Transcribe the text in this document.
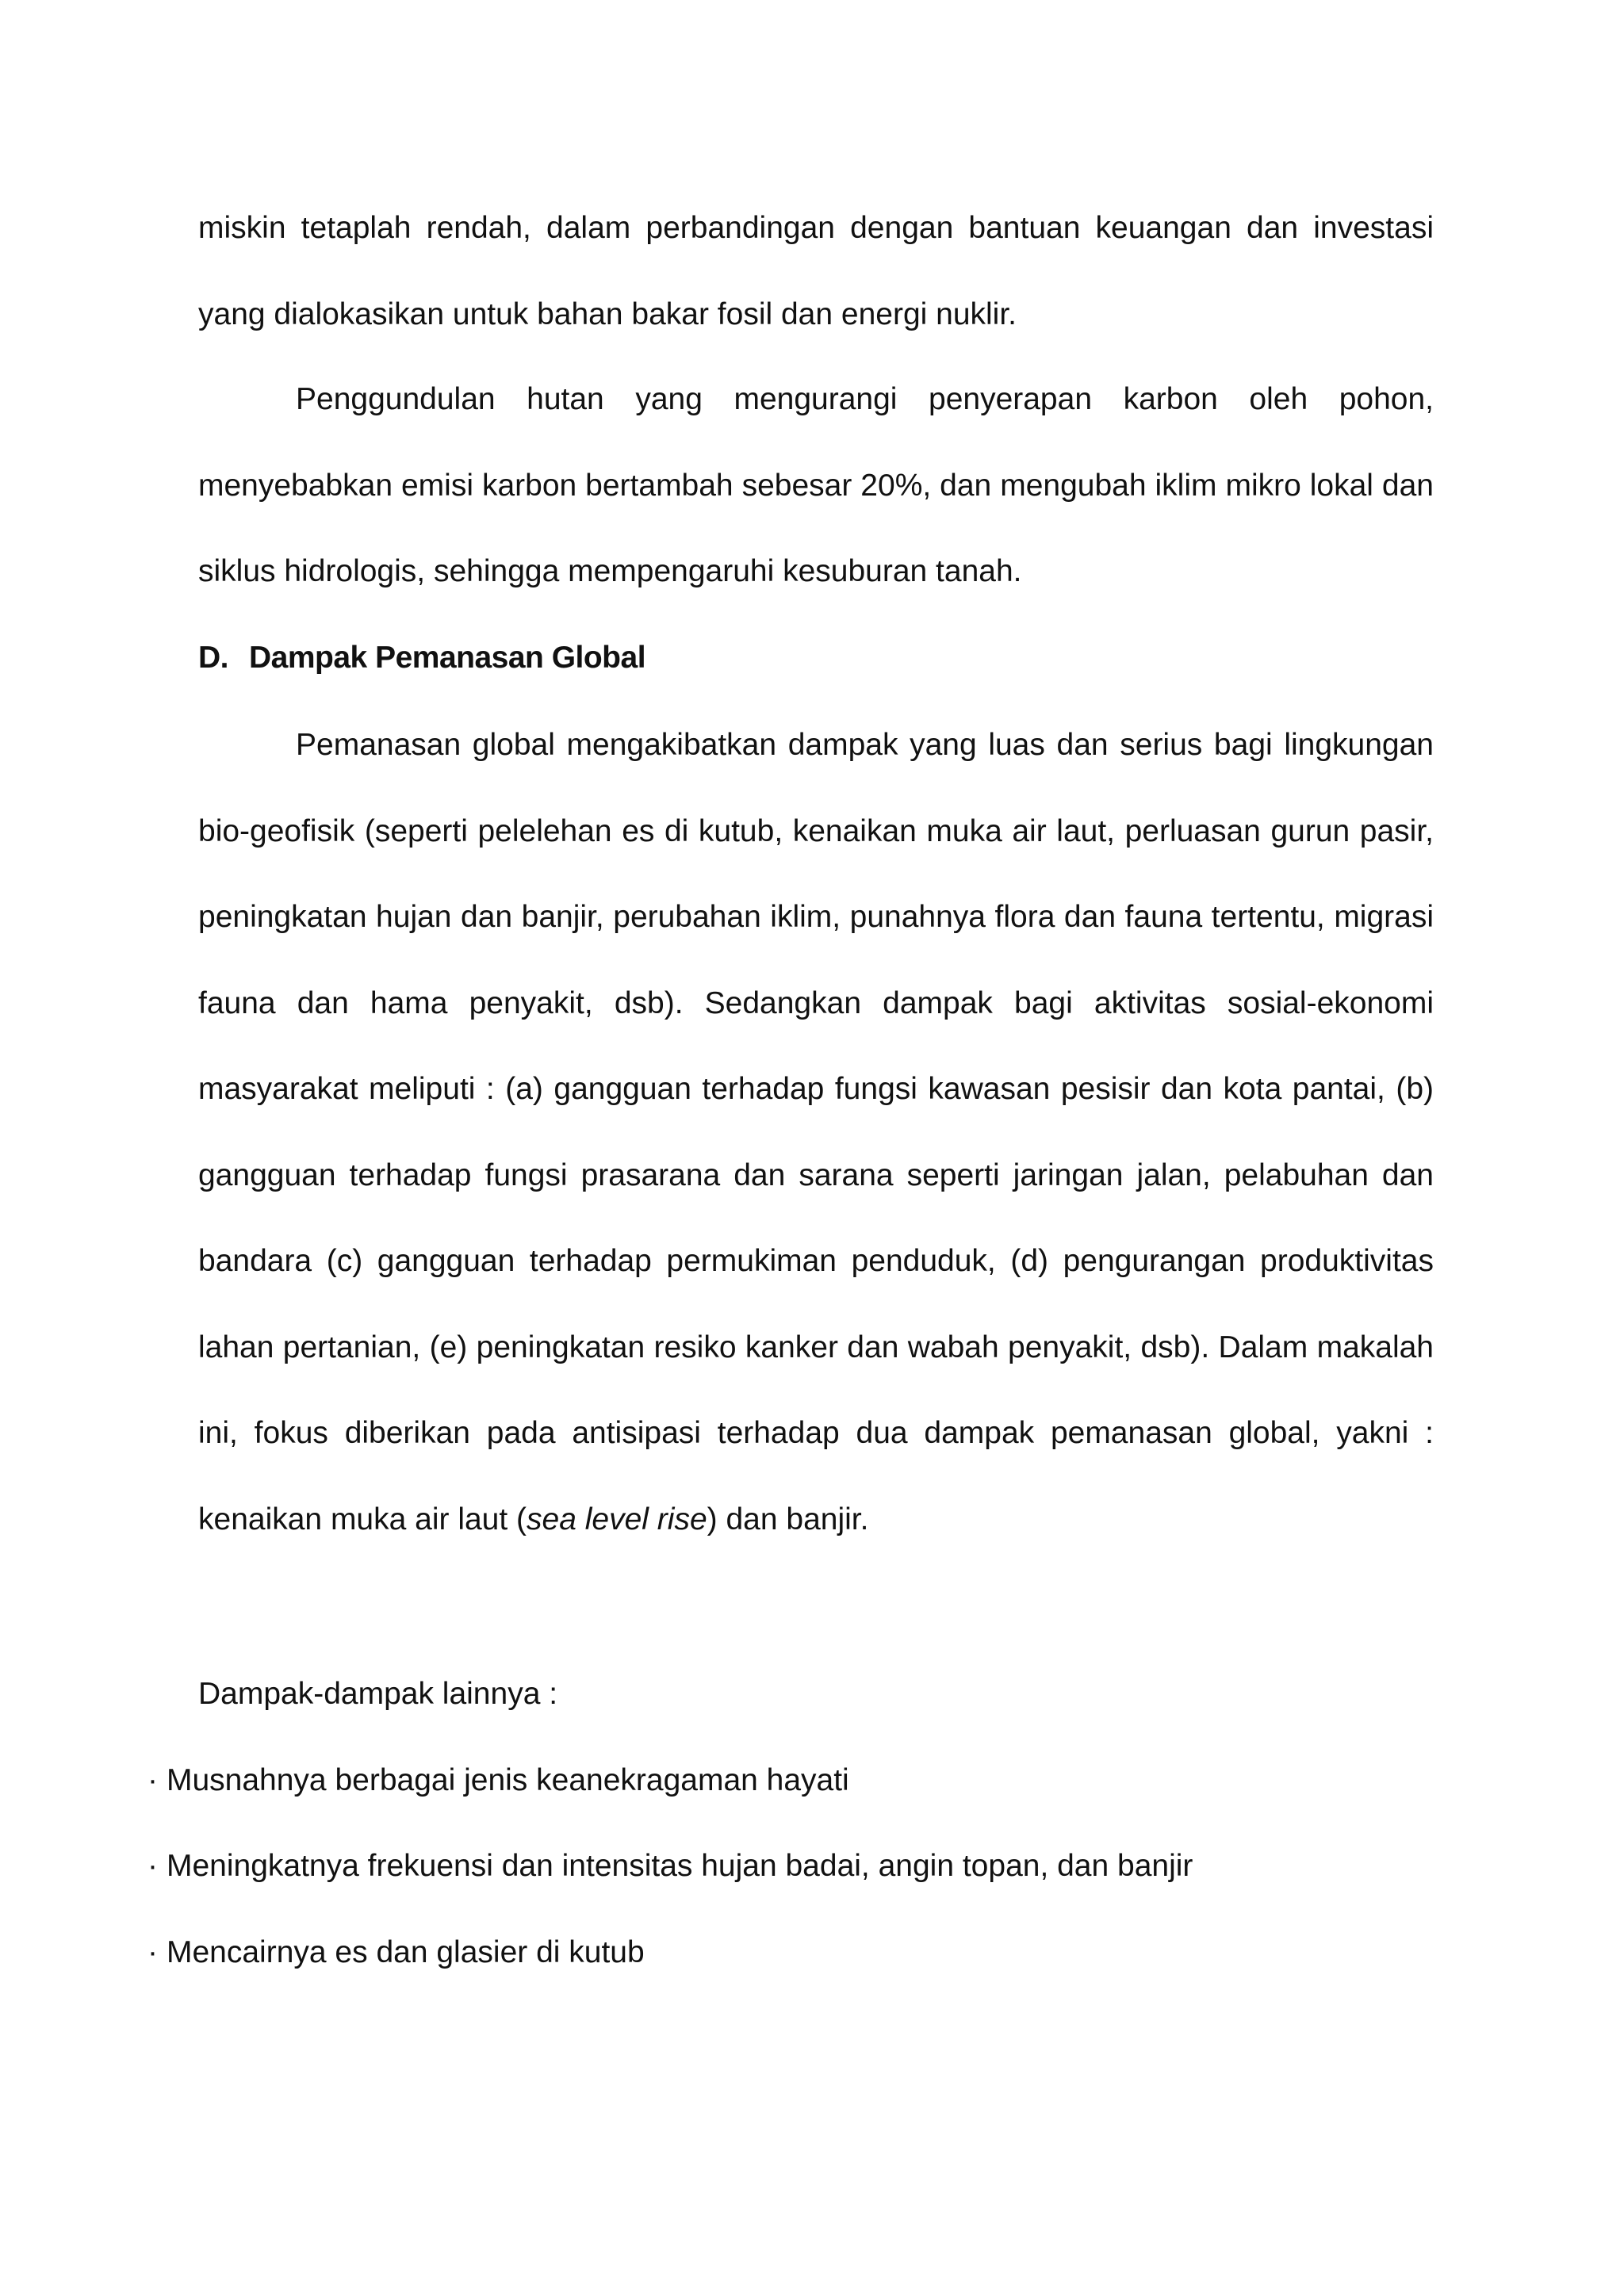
miskin tetaplah rendah, dalam perbandingan dengan bantuan keuangan dan investasi yang dialokasikan untuk bahan bakar fosil dan energi nuklir.

Penggundulan hutan yang mengurangi penyerapan karbon oleh pohon, menyebabkan emisi karbon bertambah sebesar 20%, dan mengubah iklim mikro lokal dan siklus hidrologis, sehingga mempengaruhi kesuburan tanah.

D. Dampak Pemanasan Global

Pemanasan global mengakibatkan dampak yang luas dan serius bagi lingkungan bio-geofisik (seperti pelelehan es di kutub, kenaikan muka air laut, perluasan gurun pasir, peningkatan hujan dan banjir, perubahan iklim, punahnya flora dan fauna tertentu, migrasi fauna dan hama penyakit, dsb). Sedangkan dampak bagi aktivitas sosial-ekonomi masyarakat meliputi : (a) gangguan terhadap fungsi kawasan pesisir dan kota pantai, (b) gangguan terhadap fungsi prasarana dan sarana seperti jaringan jalan, pelabuhan dan bandara (c) gangguan terhadap permukiman penduduk, (d) pengurangan produktivitas lahan pertanian, (e) peningkatan resiko kanker dan wabah penyakit, dsb). Dalam makalah ini, fokus diberikan pada antisipasi terhadap dua dampak pemanasan global, yakni : kenaikan muka air laut (sea level rise) dan banjir.

Dampak-dampak lainnya :

· Musnahnya berbagai jenis keanekragaman hayati

· Meningkatnya frekuensi dan intensitas hujan badai, angin topan, dan banjir

· Mencairnya es dan glasier di kutub
